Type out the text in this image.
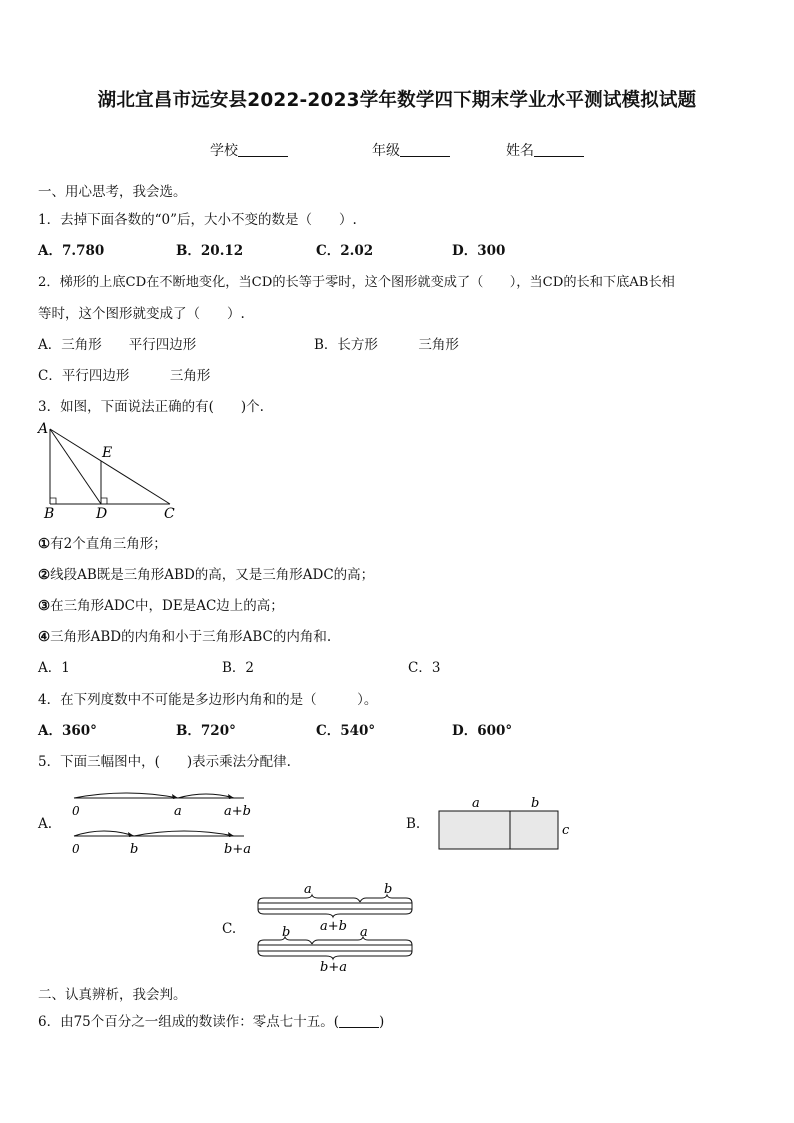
湖北宜昌市远安县2022-2023学年数学四下期末学业水平测试模拟试题
学校	年级	姓名
一、用心思考，我会选。
1．去掉下面各数的“0”后，大小不变的数是（　　）.
A．7.780	B．20.12	C．2.02	D．300
2．梯形的上底CD在不断地变化，当CD的长等于零时，这个图形就变成了（　　），当CD的长和下底AB长相
等时，这个图形就变成了（　　）.
A．三角形　　平行四边形	B．长方形　　　三角形
C．平行四边形　　　三角形
3．如图，下面说法正确的有(　　)个.
A
B	D	C
E
①有2个直角三角形；
②线段AB既是三角形ABD的高，又是三角形ADC的高；
③在三角形ADC中，DE是AC边上的高；
④三角形ABD的内角和小于三角形ABC的内角和.
A．1	B．2	C．3
4．在下列度数中不可能是多边形内角和的是（　　　）。
A．360°	B．720°	C．540°	D．600°
5．下面三幅图中，(　　)表示乘法分配律.
A.
0	a	a+b
0	b	b+a
B.
a	b
c
C.
a	b
a+b
b	a
b+a
二、认真辨析，我会判。
6．由75个百分之一组成的数读作：零点七十五。(	)
